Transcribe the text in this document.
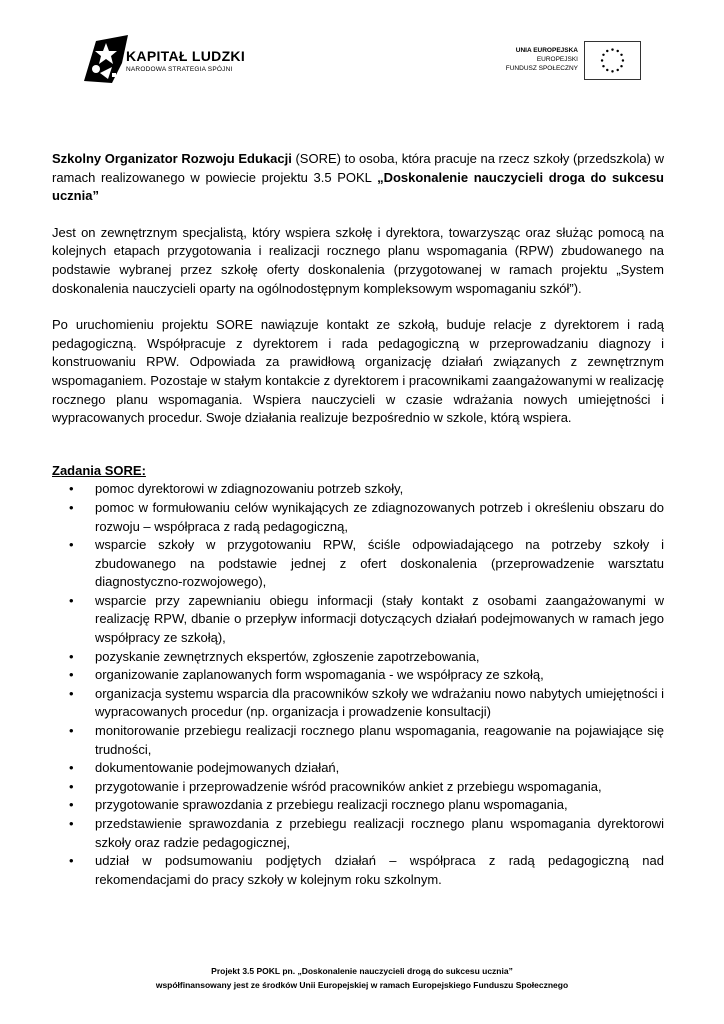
KAPITAŁ LUDZKI
NARODOWA STRATEGIA SPÓJNI
UNIA EUROPEJSKA
EUROPEJSKI
FUNDUSZ SPOŁECZNY

Szkolny Organizator Rozwoju Edukacji (SORE) to osoba, która pracuje na rzecz szkoły (przedszkola) w ramach realizowanego w powiecie projektu 3.5 POKL „Doskonalenie nauczycieli droga do sukcesu ucznia”

Jest on zewnętrznym specjalistą, który wspiera szkołę i dyrektora, towarzysząc oraz służąc pomocą na kolejnych etapach przygotowania i realizacji rocznego planu wspomagania (RPW) zbudowanego na podstawie wybranej przez szkołę oferty doskonalenia (przygotowanej w ramach projektu „System doskonalenia nauczycieli oparty na ogólnodostępnym kompleksowym wspomaganiu szkół”).

Po uruchomieniu projektu SORE nawiązuje kontakt ze szkołą, buduje relacje z dyrektorem i radą pedagogiczną. Współpracuje z dyrektorem i rada pedagogiczną w przeprowadzaniu diagnozy i konstruowaniu RPW. Odpowiada za prawidłową organizację działań związanych z zewnętrznym wspomaganiem. Pozostaje w stałym kontakcie z dyrektorem i pracownikami zaangażowanymi w realizację rocznego planu wspomagania. Wspiera nauczycieli w czasie wdrażania nowych umiejętności i wypracowanych procedur. Swoje działania realizuje bezpośrednio w szkole, którą wspiera.

Zadania SORE:

• pomoc dyrektorowi w zdiagnozowaniu potrzeb szkoły,
• pomoc w formułowaniu celów wynikających ze zdiagnozowanych potrzeb i określeniu obszaru do rozwoju – współpraca z radą pedagogiczną,
• wsparcie szkoły w przygotowaniu RPW, ściśle odpowiadającego na potrzeby szkoły i zbudowanego na podstawie jednej z ofert doskonalenia (przeprowadzenie warsztatu diagnostyczno-rozwojowego),
• wsparcie przy zapewnianiu obiegu informacji (stały kontakt z osobami zaangażowanymi w realizację RPW, dbanie o przepływ informacji dotyczących działań podejmowanych w ramach jego współpracy ze szkołą),
• pozyskanie zewnętrznych ekspertów, zgłoszenie zapotrzebowania,
• organizowanie zaplanowanych form wspomagania - we współpracy ze szkołą,
• organizacja systemu wsparcia dla pracowników szkoły we wdrażaniu nowo nabytych umiejętności i wypracowanych procedur (np. organizacja i prowadzenie konsultacji)
• monitorowanie przebiegu realizacji rocznego planu wspomagania, reagowanie na pojawiające się trudności,
• dokumentowanie podejmowanych działań,
• przygotowanie i przeprowadzenie wśród pracowników ankiet z przebiegu wspomagania,
• przygotowanie sprawozdania z przebiegu realizacji rocznego planu wspomagania,
• przedstawienie sprawozdania z przebiegu realizacji rocznego planu wspomagania dyrektorowi szkoły oraz radzie pedagogicznej,
• udział w podsumowaniu podjętych działań – współpraca z radą pedagogiczną nad rekomendacjami do pracy szkoły w kolejnym roku szkolnym.
Projekt 3.5 POKL pn. „Doskonalenie nauczycieli drogą do sukcesu ucznia”
współfinansowany jest ze środków Unii Europejskiej w ramach Europejskiego Funduszu Społecznego
